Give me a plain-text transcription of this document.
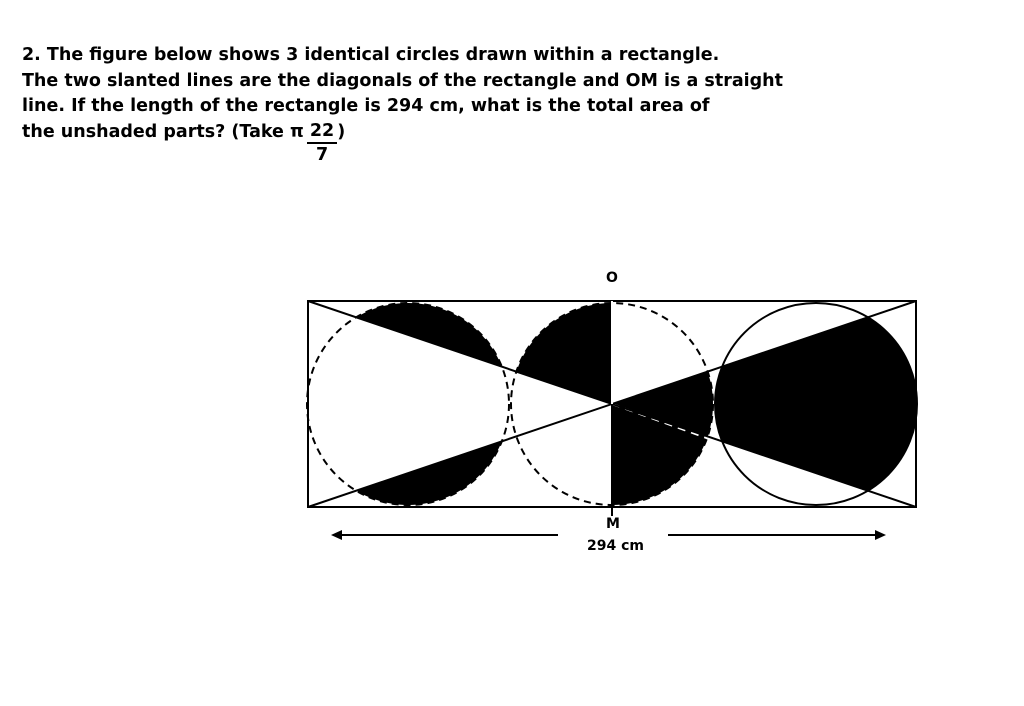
2. The figure below shows 3 identical circles drawn within a rectangle.
The two slanted lines are the diagonals of the rectangle and OM is a straight
line. If the length of the rectangle is 294 cm, what is the total area of
the unshaded parts? (Take π $\frac{22}{7}$ )
O
M
294 cm
